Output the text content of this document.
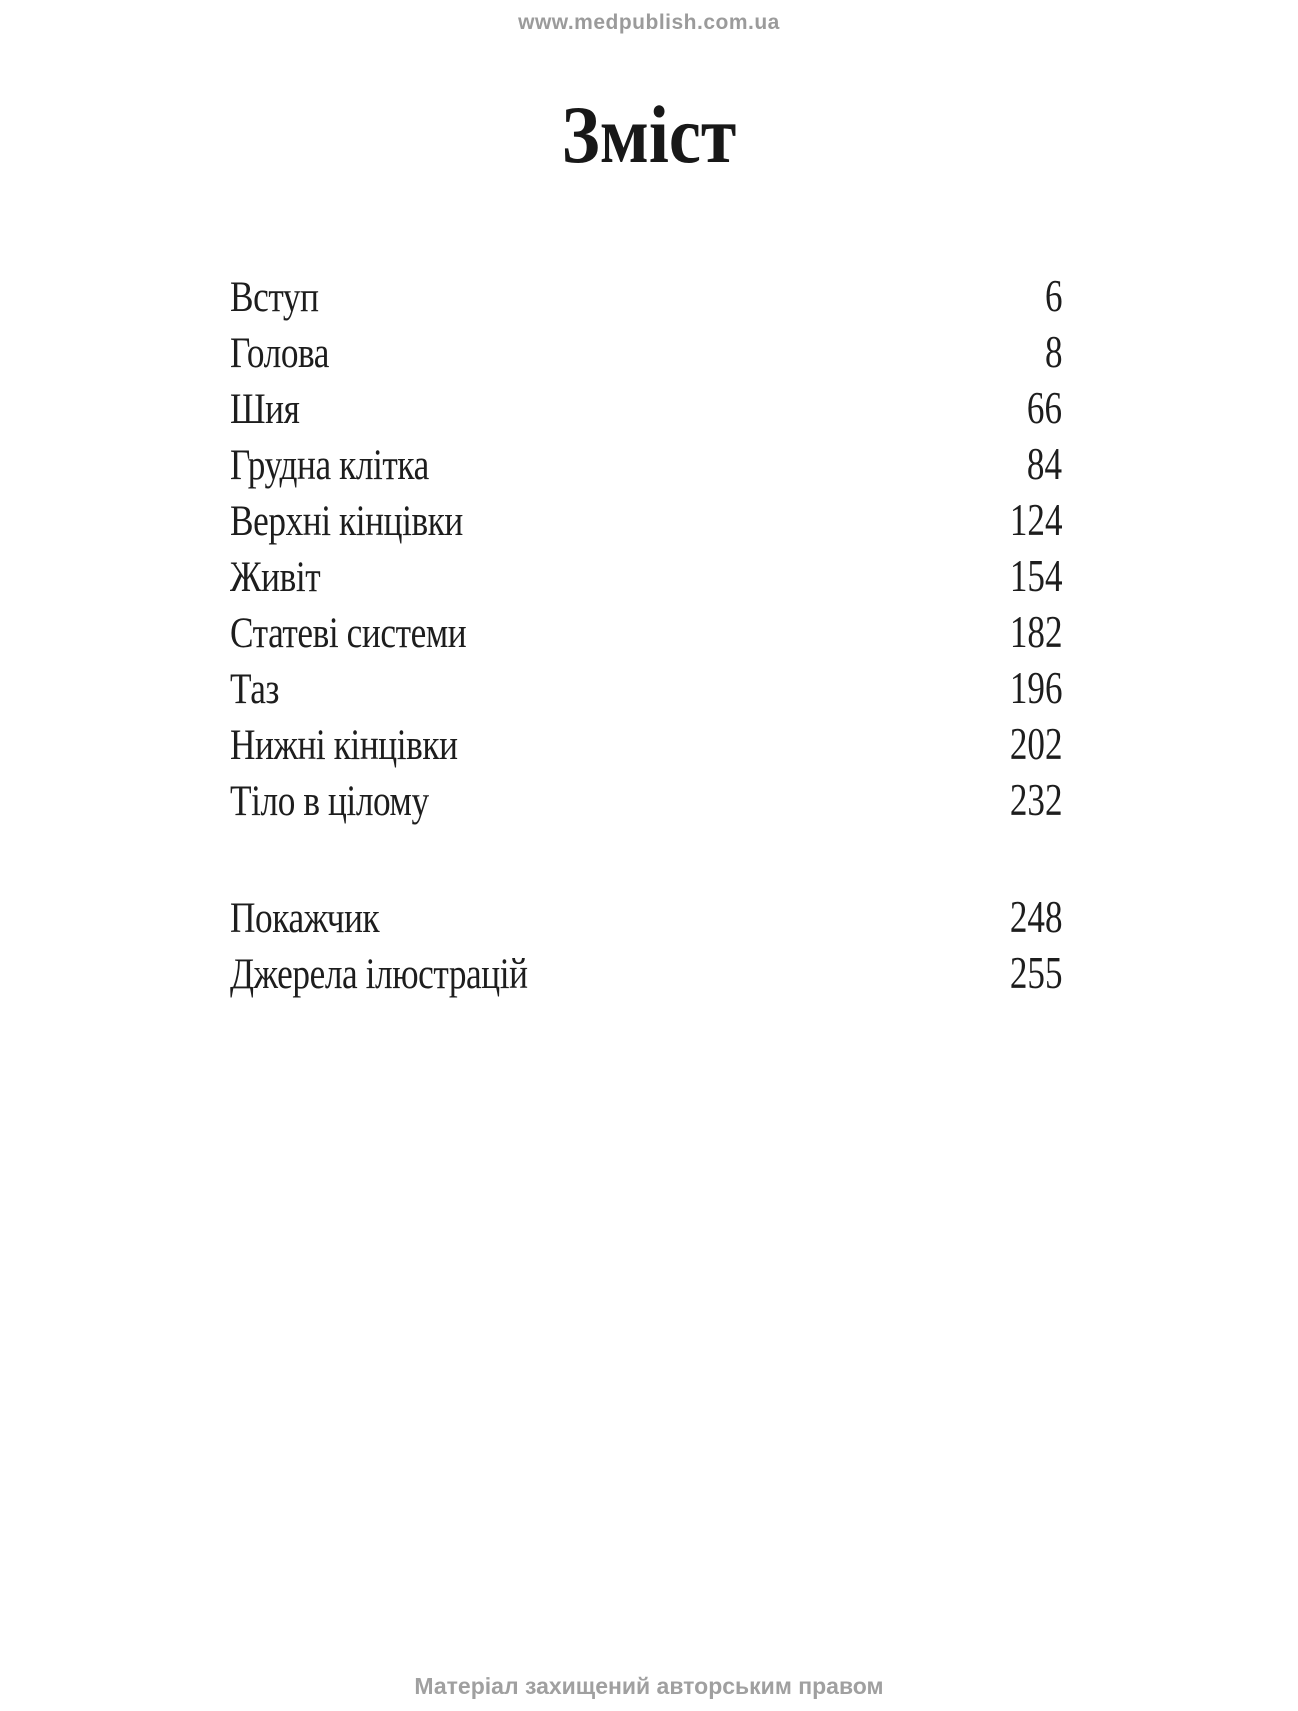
www.medpublish.com.ua
Зміст
Вступ	6
Голова	8
Шия	66
Грудна клітка	84
Верхні кінцівки	124
Живіт	154
Статеві системи	182
Таз	196
Нижні кінцівки	202
Тіло в цілому	232
Покажчик	248
Джерела ілюстрацій	255
Матеріал захищений авторським правом
